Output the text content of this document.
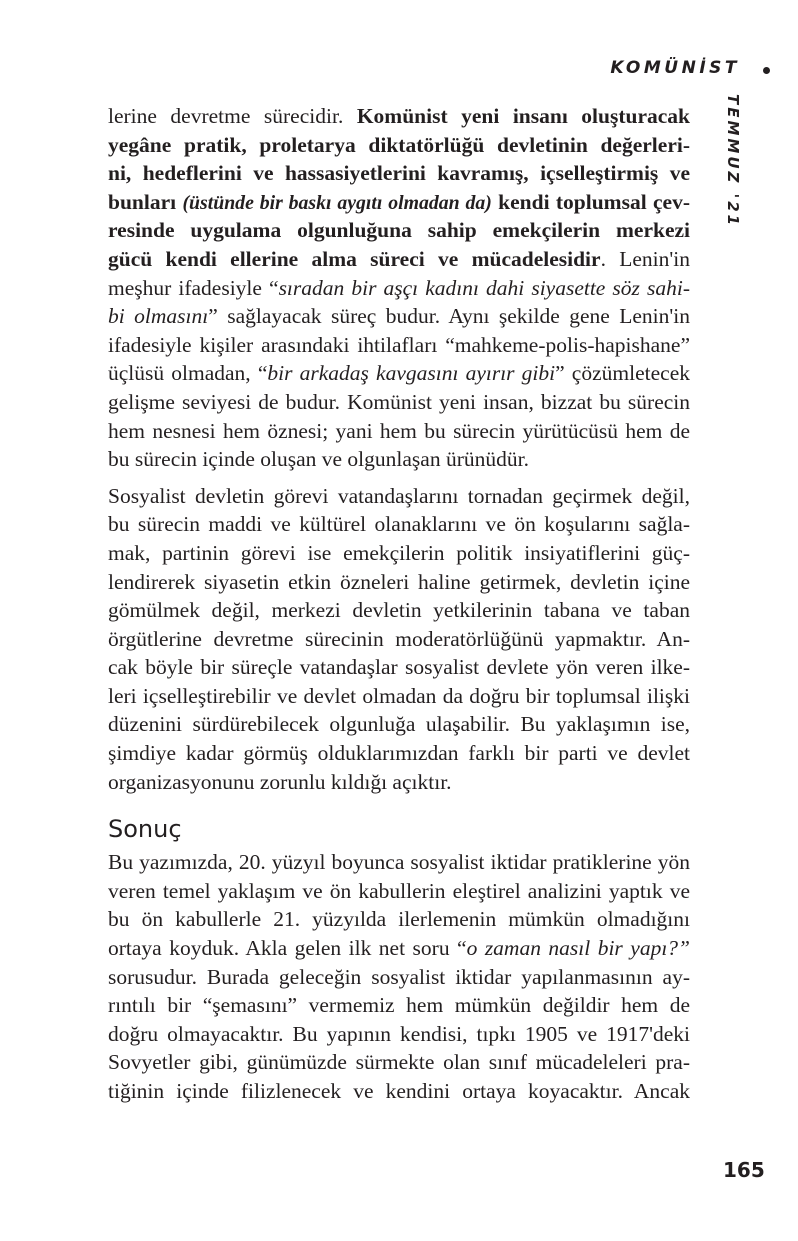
KOMÜNİST
TEMMUZ '21
lerine devretme sürecidir. Komünist yeni insanı oluşturacak
yegâne pratik, proletarya diktatörlüğü devletinin değerleri-
ni, hedeflerini ve hassasiyetlerini kavramış, içselleştirmiş ve
bunları (üstünde bir baskı aygıtı olmadan da) kendi toplumsal çev-
resinde uygulama olgunluğuna sahip emekçilerin merkezi
gücü kendi ellerine alma süreci ve mücadelesidir. Lenin'in
meşhur ifadesiyle “sıradan bir aşçı kadını dahi siyasette söz sahi-
bi olmasını” sağlayacak süreç budur. Aynı şekilde gene Lenin'in
ifadesiyle kişiler arasındaki ihtilafları “mahkeme-polis-hapishane”
üçlüsü olmadan, “bir arkadaş kavgasını ayırır gibi” çözümletecek
gelişme seviyesi de budur. Komünist yeni insan, bizzat bu sürecin
hem nesnesi hem öznesi; yani hem bu sürecin yürütücüsü hem de
bu sürecin içinde oluşan ve olgunlaşan ürünüdür.
Sosyalist devletin görevi vatandaşlarını tornadan geçirmek değil,
bu sürecin maddi ve kültürel olanaklarını ve ön koşularını sağla-
mak, partinin görevi ise emekçilerin politik insiyatiflerini güç-
lendirerek siyasetin etkin özneleri haline getirmek, devletin içine
gömülmek değil, merkezi devletin yetkilerinin tabana ve taban
örgütlerine devretme sürecinin moderatörlüğünü yapmaktır. An-
cak böyle bir süreçle vatandaşlar sosyalist devlete yön veren ilke-
leri içselleştirebilir ve devlet olmadan da doğru bir toplumsal ilişki
düzenini sürdürebilecek olgunluğa ulaşabilir. Bu yaklaşımın ise,
şimdiye kadar görmüş olduklarımızdan farklı bir parti ve devlet
organizasyonunu zorunlu kıldığı açıktır.
Sonuç
Bu yazımızda, 20. yüzyıl boyunca sosyalist iktidar pratiklerine yön
veren temel yaklaşım ve ön kabullerin eleştirel analizini yaptık ve
bu ön kabullerle 21. yüzyılda ilerlemenin mümkün olmadığını
ortaya koyduk. Akla gelen ilk net soru “o zaman nasıl bir yapı?”
sorusudur. Burada geleceğin sosyalist iktidar yapılanmasının ay-
rıntılı bir “şemasını” vermemiz hem mümkün değildir hem de
doğru olmayacaktır. Bu yapının kendisi, tıpkı 1905 ve 1917'deki
Sovyetler gibi, günümüzde sürmekte olan sınıf mücadeleleri pra-
tiğinin içinde filizlenecek ve kendini ortaya koyacaktır. Ancak
165
